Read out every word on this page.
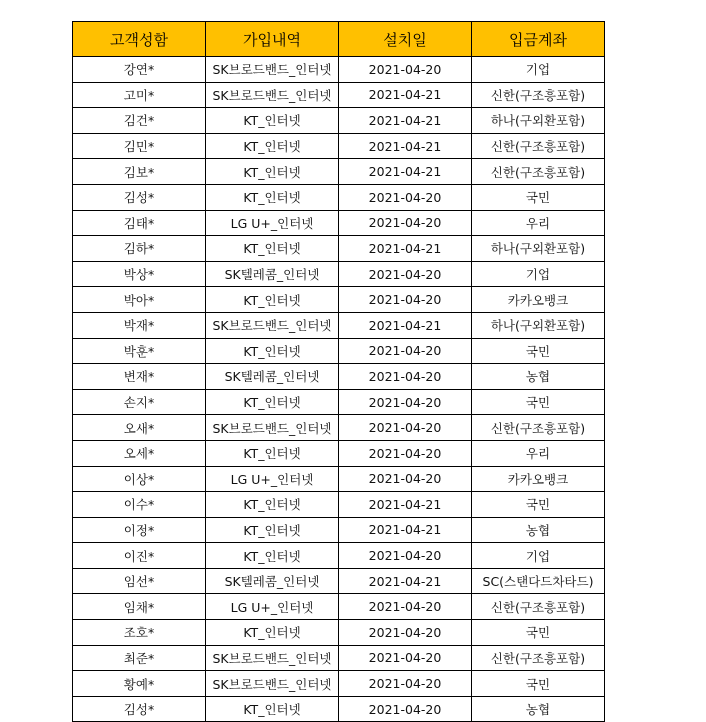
고객성함	가입내역	설치일	입금계좌
강연*	SK브로드밴드_인터넷	2021-04-20	기업
고미*	SK브로드밴드_인터넷	2021-04-21	신한(구조흥포함)
김건*	KT_인터넷	2021-04-21	하나(구외환포함)
김민*	KT_인터넷	2021-04-21	신한(구조흥포함)
김보*	KT_인터넷	2021-04-21	신한(구조흥포함)
김성*	KT_인터넷	2021-04-20	국민
김태*	LG U+_인터넷	2021-04-20	우리
김하*	KT_인터넷	2021-04-21	하나(구외환포함)
박상*	SK텔레콤_인터넷	2021-04-20	기업
박아*	KT_인터넷	2021-04-20	카카오뱅크
박재*	SK브로드밴드_인터넷	2021-04-21	하나(구외환포함)
박훈*	KT_인터넷	2021-04-20	국민
변재*	SK텔레콤_인터넷	2021-04-20	농협
손지*	KT_인터넷	2021-04-20	국민
오새*	SK브로드밴드_인터넷	2021-04-20	신한(구조흥포함)
오세*	KT_인터넷	2021-04-20	우리
이상*	LG U+_인터넷	2021-04-20	카카오뱅크
이수*	KT_인터넷	2021-04-21	국민
이정*	KT_인터넷	2021-04-21	농협
이진*	KT_인터넷	2021-04-20	기업
임선*	SK텔레콤_인터넷	2021-04-21	SC(스탠다드차타드)
임채*	LG U+_인터넷	2021-04-20	신한(구조흥포함)
조호*	KT_인터넷	2021-04-20	국민
최준*	SK브로드밴드_인터넷	2021-04-20	신한(구조흥포함)
황예*	SK브로드밴드_인터넷	2021-04-20	국민
김성*	KT_인터넷	2021-04-20	농협
